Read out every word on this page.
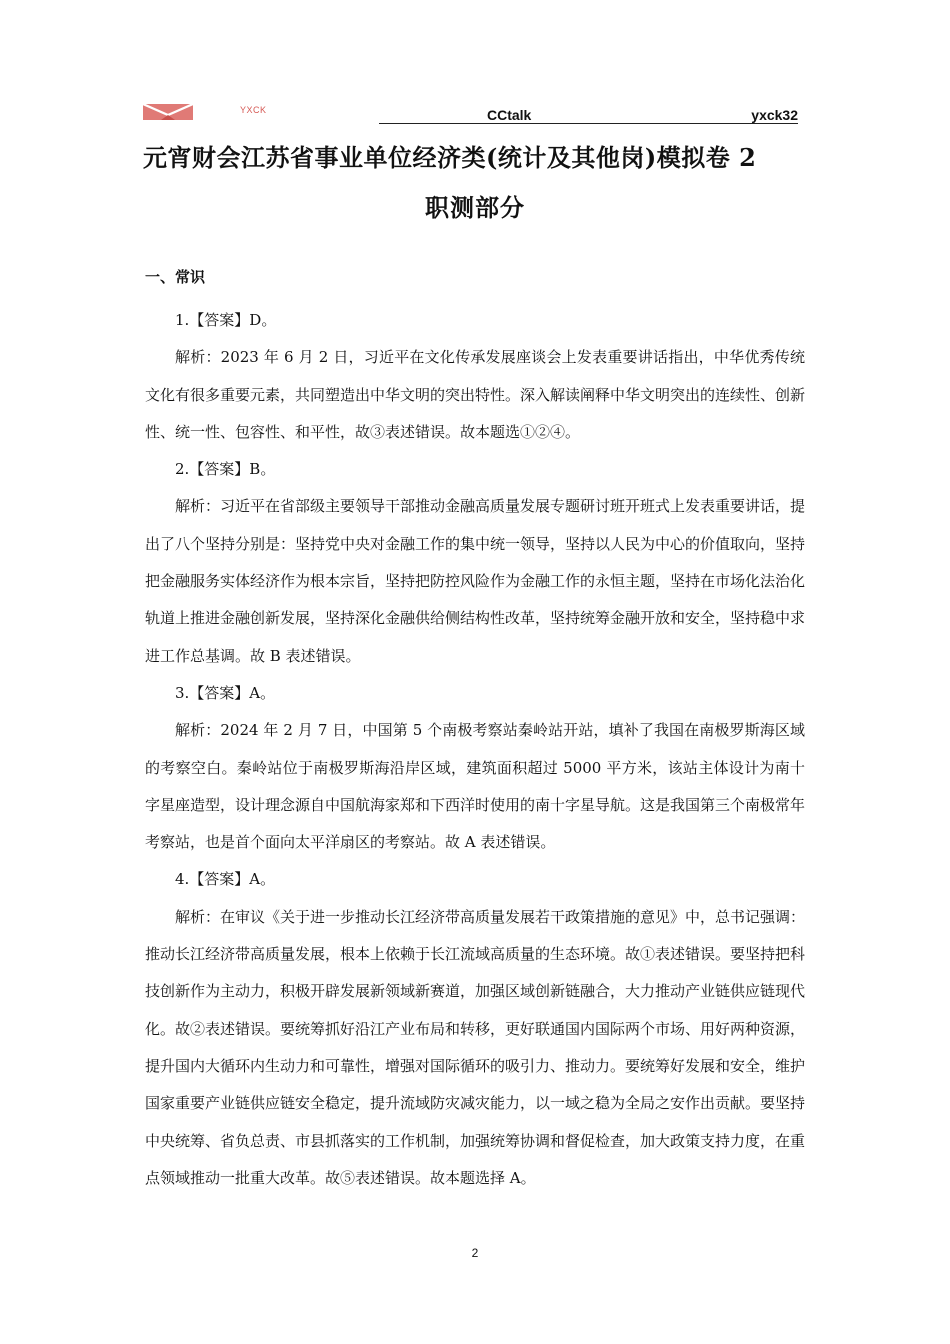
YXCK	CCtalk	yxck32
元宵财会江苏省事业单位经济类(统计及其他岗)模拟卷 2
职测部分
一、常识

1.【答案】D。

解析：2023 年 6 月 2 日，习近平在文化传承发展座谈会上发表重要讲话指出，中华优秀传统文化有很多重要元素，共同塑造出中华文明的突出特性。深入解读阐释中华文明突出的连续性、创新性、统一性、包容性、和平性，故③表述错误。故本题选①②④。

2.【答案】B。

解析：习近平在省部级主要领导干部推动金融高质量发展专题研讨班开班式上发表重要讲话，提出了八个坚持分别是：坚持党中央对金融工作的集中统一领导，坚持以人民为中心的价值取向，坚持把金融服务实体经济作为根本宗旨，坚持把防控风险作为金融工作的永恒主题，坚持在市场化法治化轨道上推进金融创新发展，坚持深化金融供给侧结构性改革，坚持统筹金融开放和安全，坚持稳中求进工作总基调。故 B 表述错误。

3.【答案】A。

解析：2024 年 2 月 7 日，中国第 5 个南极考察站秦岭站开站，填补了我国在南极罗斯海区域的考察空白。秦岭站位于南极罗斯海沿岸区域，建筑面积超过 5000 平方米，该站主体设计为南十字星座造型，设计理念源自中国航海家郑和下西洋时使用的南十字星导航。这是我国第三个南极常年考察站，也是首个面向太平洋扇区的考察站。故 A 表述错误。

4.【答案】A。

解析：在审议《关于进一步推动长江经济带高质量发展若干政策措施的意见》中，总书记强调：推动长江经济带高质量发展，根本上依赖于长江流域高质量的生态环境。故①表述错误。要坚持把科技创新作为主动力，积极开辟发展新领域新赛道，加强区域创新链融合，大力推动产业链供应链现代化。故②表述错误。要统筹抓好沿江产业布局和转移，更好联通国内国际两个市场、用好两种资源，提升国内大循环内生动力和可靠性，增强对国际循环的吸引力、推动力。要统筹好发展和安全，维护国家重要产业链供应链安全稳定，提升流域防灾减灾能力，以一域之稳为全局之安作出贡献。要坚持中央统筹、省负总责、市县抓落实的工作机制，加强统筹协调和督促检查，加大政策支持力度，在重点领域推动一批重大改革。故⑤表述错误。故本题选择 A。

2
